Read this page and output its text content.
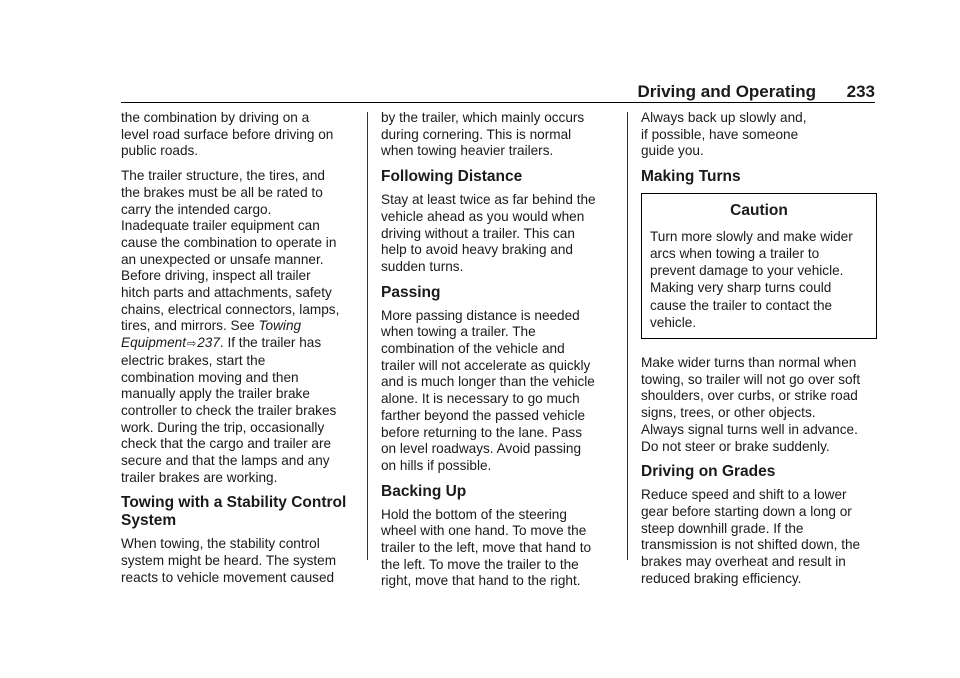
Driving and Operating 233

the combination by driving on a
level road surface before driving on
public roads.

The trailer structure, the tires, and
the brakes must be all be rated to
carry the intended cargo.
Inadequate trailer equipment can
cause the combination to operate in
an unexpected or unsafe manner.
Before driving, inspect all trailer
hitch parts and attachments, safety
chains, electrical connectors, lamps,
tires, and mirrors. See Towing
Equipment⇨237. If the trailer has
electric brakes, start the
combination moving and then
manually apply the trailer brake
controller to check the trailer brakes
work. During the trip, occasionally
check that the cargo and trailer are
secure and that the lamps and any
trailer brakes are working.

Towing with a Stability Control
System

When towing, the stability control
system might be heard. The system
reacts to vehicle movement caused

by the trailer, which mainly occurs
during cornering. This is normal
when towing heavier trailers.

Following Distance

Stay at least twice as far behind the
vehicle ahead as you would when
driving without a trailer. This can
help to avoid heavy braking and
sudden turns.

Passing

More passing distance is needed
when towing a trailer. The
combination of the vehicle and
trailer will not accelerate as quickly
and is much longer than the vehicle
alone. It is necessary to go much
farther beyond the passed vehicle
before returning to the lane. Pass
on level roadways. Avoid passing
on hills if possible.

Backing Up

Hold the bottom of the steering
wheel with one hand. To move the
trailer to the left, move that hand to
the left. To move the trailer to the
right, move that hand to the right.

Always back up slowly and,
if possible, have someone
guide you.

Making Turns
Caution
Turn more slowly and make wider
arcs when towing a trailer to
prevent damage to your vehicle.
Making very sharp turns could
cause the trailer to contact the
vehicle.

Make wider turns than normal when
towing, so trailer will not go over soft
shoulders, over curbs, or strike road
signs, trees, or other objects.
Always signal turns well in advance.
Do not steer or brake suddenly.

Driving on Grades

Reduce speed and shift to a lower
gear before starting down a long or
steep downhill grade. If the
transmission is not shifted down, the
brakes may overheat and result in
reduced braking efficiency.
